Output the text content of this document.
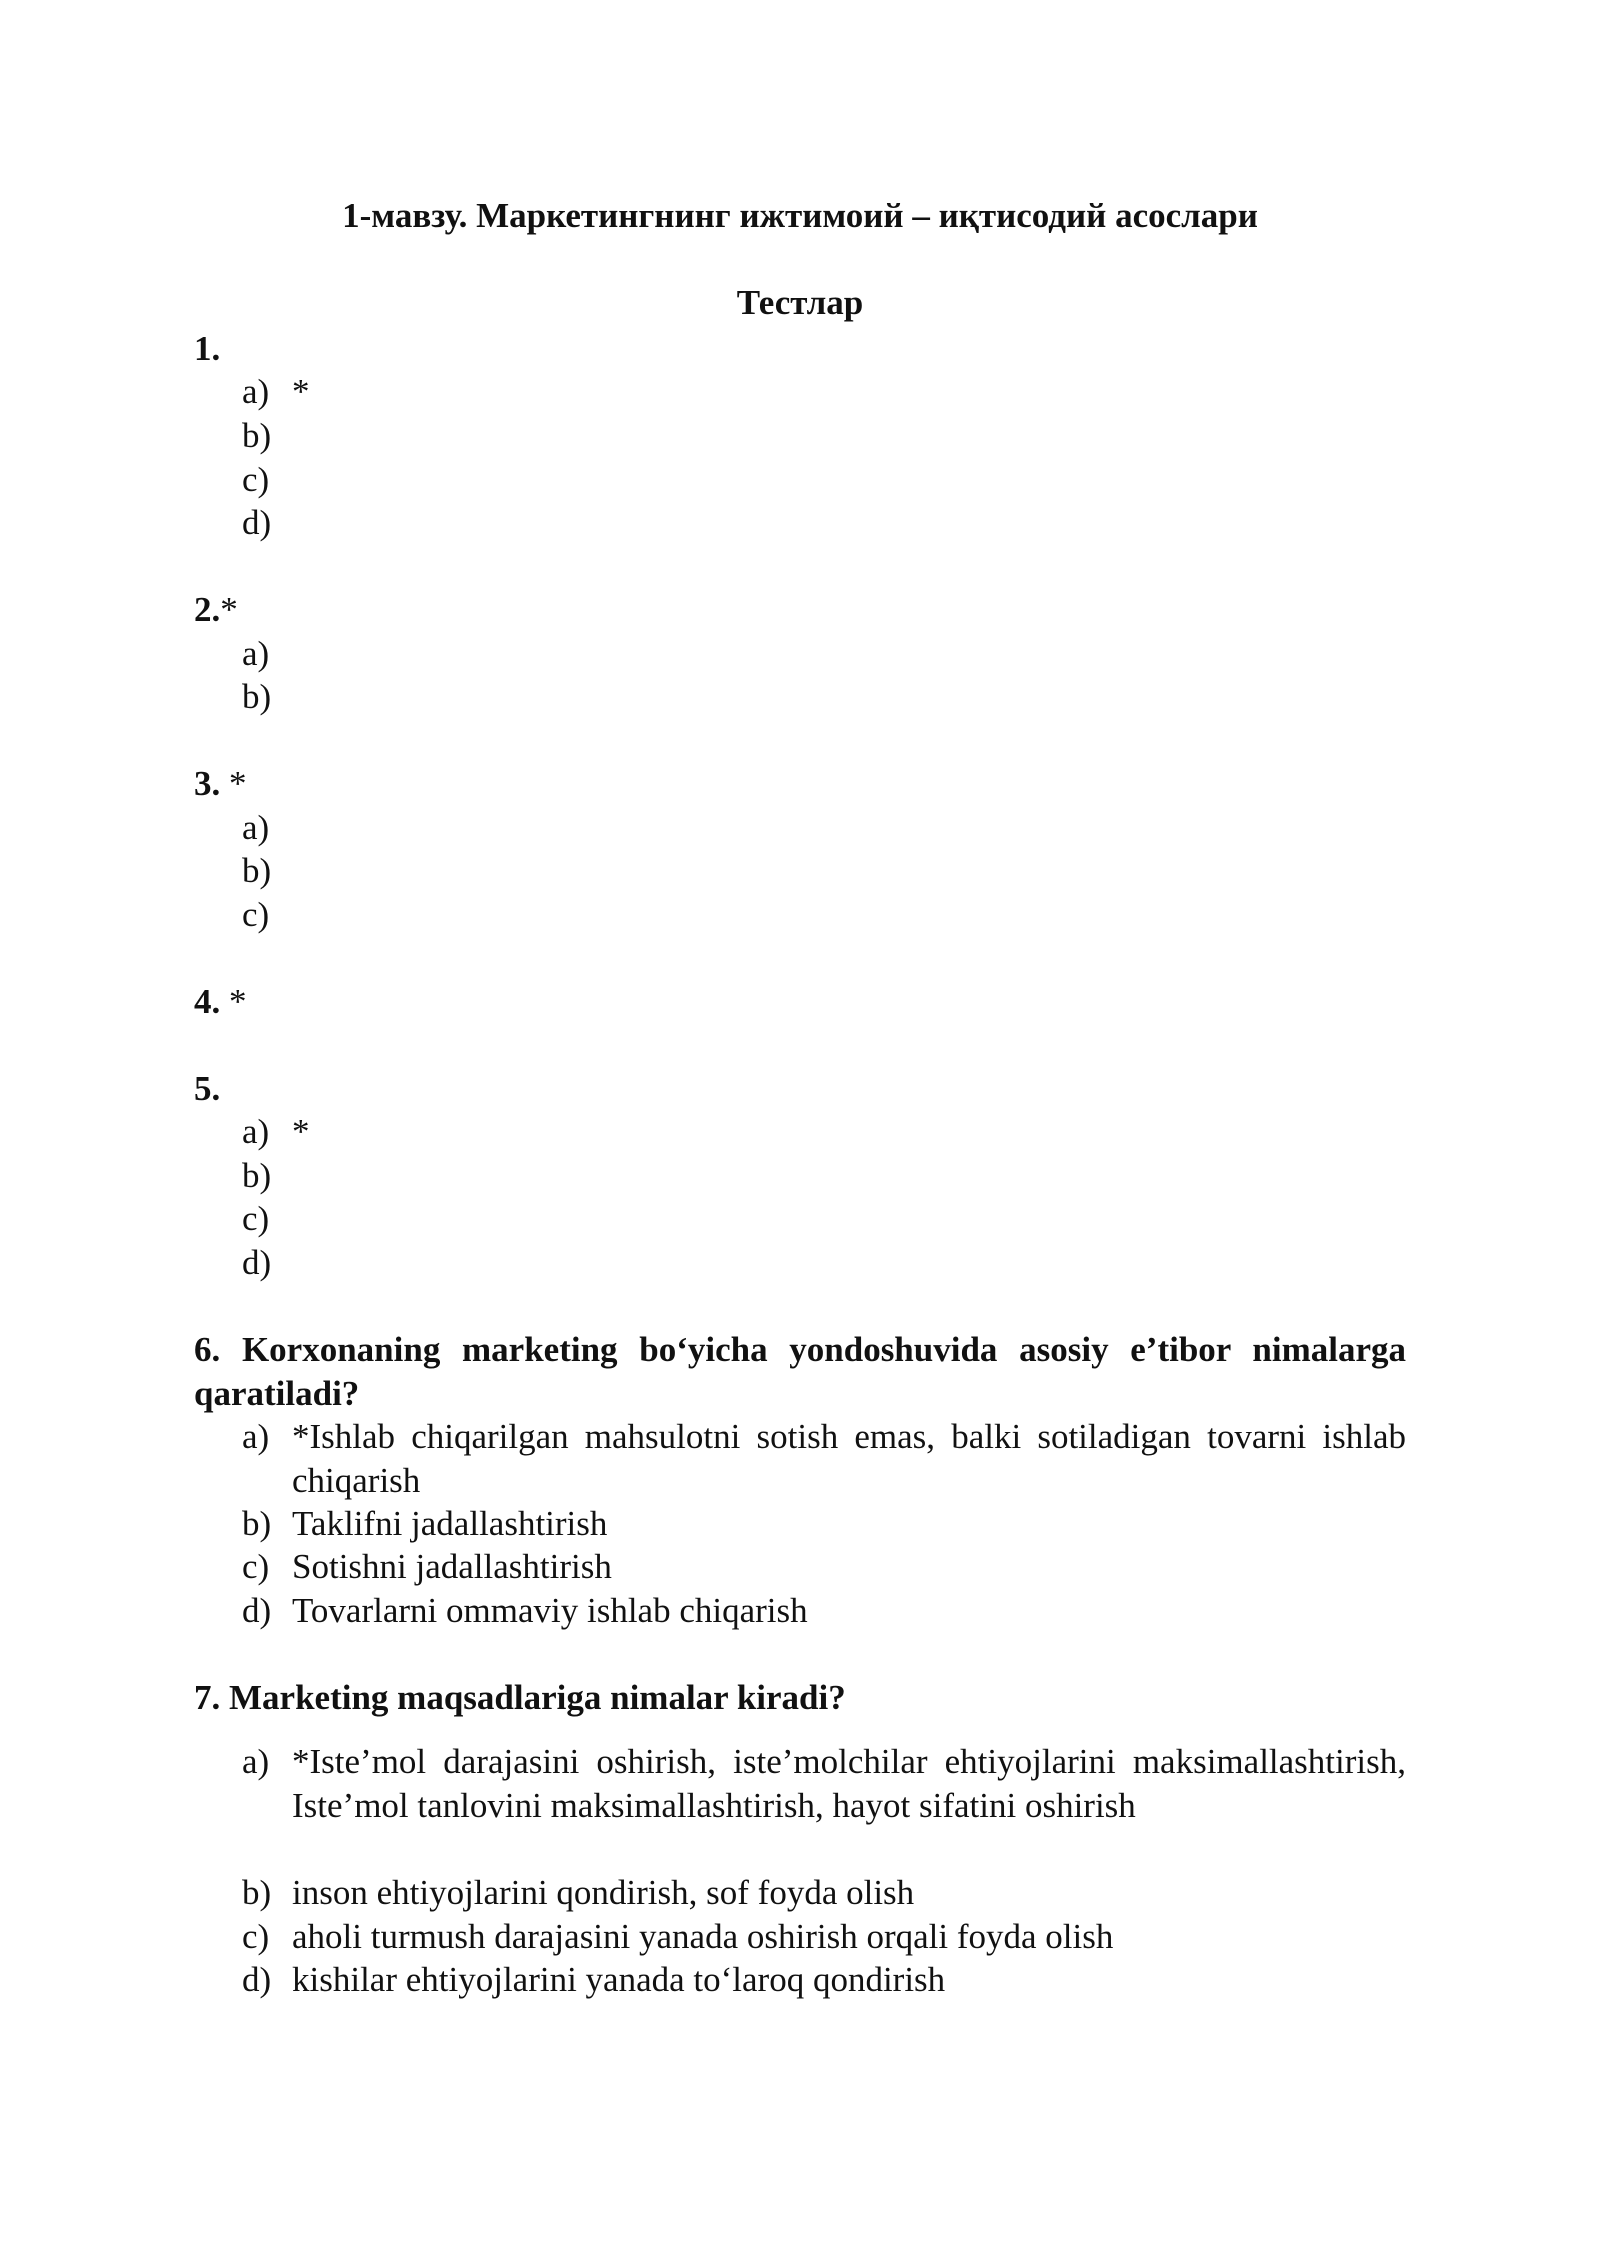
1-мавзу. Маркетингнинг ижтимоий – иқтисодий асослари
Тестлар
1.
a) *
b)
c)
d)
2.*
a)
b)
3. *
a)
b)
c)
4. *
5.
a) *
b)
c)
d)
6. Korxonaning marketing bo‘yicha yondoshuvida asosiy e’tibor nimalarga qaratiladi?
a) *Ishlab chiqarilgan mahsulotni sotish emas, balki sotiladigan tovarni ishlab chiqarish
b) Taklifni jadallashtirish
c) Sotishni jadallashtirish
d) Tovarlarni ommaviy ishlab chiqarish
7. Marketing maqsadlariga nimalar kiradi?
a) *Iste’mol darajasini oshirish, iste’molchilar ehtiyojlarini maksimallashtirish, Iste’mol tanlovini maksimallashtirish, hayot sifatini oshirish
b) inson ehtiyojlarini qondirish, sof foyda olish
c) aholi turmush darajasini yanada oshirish orqali foyda olish
d) kishilar ehtiyojlarini yanada to‘laroq qondirish
